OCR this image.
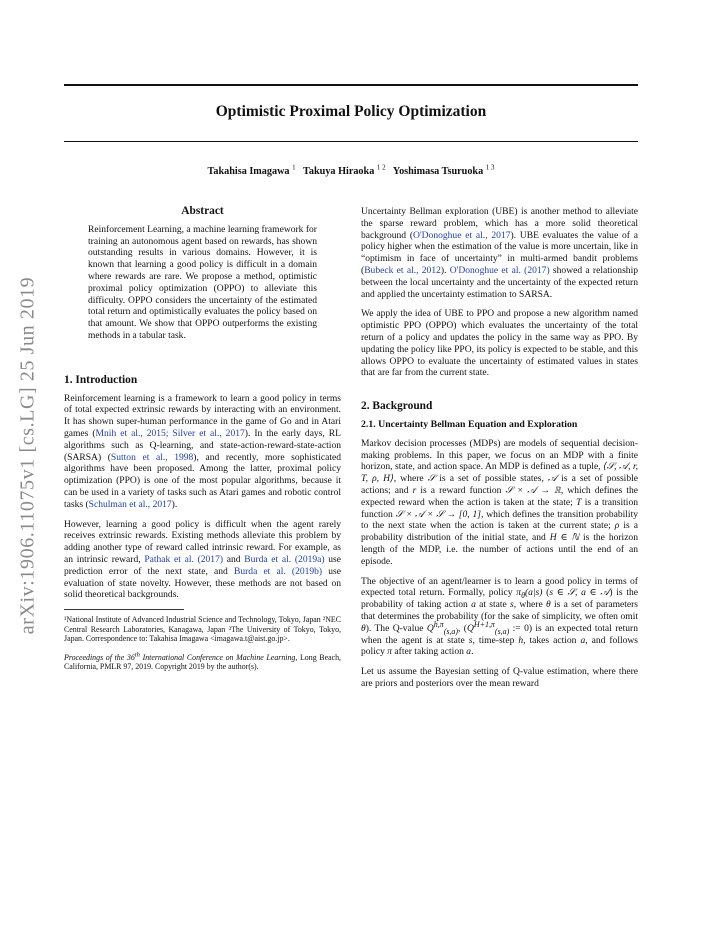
Optimistic Proximal Policy Optimization
Takahisa Imagawa $^1$ Takuya Hiraoka $^{1 2}$ Yoshimasa Tsuruoka $^{1 3}$
arXiv:1906.11075v1 [cs.LG] 25 Jun 2019
Abstract
Reinforcement Learning, a machine learning framework for training an autonomous agent based on rewards, has shown outstanding results in various domains. However, it is known that learning a good policy is difficult in a domain where rewards are rare. We propose a method, optimistic proximal policy optimization (OPPO) to alleviate this difficulty. OPPO considers the uncertainty of the estimated total return and optimistically evaluates the policy based on that amount. We show that OPPO outperforms the existing methods in a tabular task.
1. Introduction

Reinforcement learning is a framework to learn a good policy in terms of total expected extrinsic rewards by interacting with an environment. It has shown super-human performance in the game of Go and in Atari games (Mnih et al., 2015; Silver et al., 2017). In the early days, RL algorithms such as Q-learning, and state-action-reward-state-action (SARSA) (Sutton et al., 1998), and recently, more sophisticated algorithms have been proposed. Among the latter, proximal policy optimization (PPO) is one of the most popular algorithms, because it can be used in a variety of tasks such as Atari games and robotic control tasks (Schulman et al., 2017).

However, learning a good policy is difficult when the agent rarely receives extrinsic rewards. Existing methods alleviate this problem by adding another type of reward called intrinsic reward. For example, as an intrinsic reward, Pathak et al. (2017) and Burda et al. (2019a) use prediction error of the next state, and Burda et al. (2019b) use evaluation of state novelty. However, these methods are not based on solid theoretical backgrounds.

¹National Institute of Advanced Industrial Science and Technology, Tokyo, Japan ²NEC Central Research Laboratories, Kanagawa, Japan ³The University of Tokyo, Tokyo, Japan. Correspondence to: Takahisa Imagawa <imagawa.t@aist.go.jp>.

Proceedings of the 36th International Conference on Machine Learning, Long Beach, California, PMLR 97, 2019. Copyright 2019 by the author(s).

Uncertainty Bellman exploration (UBE) is another method to alleviate the sparse reward problem, which has a more solid theoretical background (O'Donoghue et al., 2017). UBE evaluates the value of a policy higher when the estimation of the value is more uncertain, like in “optimism in face of uncertainty” in multi-armed bandit problems (Bubeck et al., 2012). O'Donoghue et al. (2017) showed a relationship between the local uncertainty and the uncertainty of the expected return and applied the uncertainty estimation to SARSA.

We apply the idea of UBE to PPO and propose a new algorithm named optimistic PPO (OPPO) which evaluates the uncertainty of the total return of a policy and updates the policy in the same way as PPO. By updating the policy like PPO, its policy is expected to be stable, and this allows OPPO to evaluate the uncertainty of estimated values in states that are far from the current state.

2. Background
2.1. Uncertainty Bellman Equation and Exploration

Markov decision processes (MDPs) are models of sequential decision-making problems. In this paper, we focus on an MDP with a finite horizon, state, and action space. An MDP is defined as a tuple, ⟨𝒮, 𝒜, r, T, ρ, H⟩, where 𝒮 is a set of possible states, 𝒜 is a set of possible actions; and r is a reward function 𝒮 × 𝒜 → ℝ, which defines the expected reward when the action is taken at the state; T is a transition function 𝒮 × 𝒜 × 𝒮 → [0, 1], which defines the transition probability to the next state when the action is taken at the current state; ρ is a probability distribution of the initial state, and H ∈ ℕ is the horizon length of the MDP, i.e. the number of actions until the end of an episode.

The objective of an agent/learner is to learn a good policy in terms of expected total return. Formally, policy $\pi_\theta(a|s)$ (s ∈ 𝒮, a ∈ 𝒜) is the probability of taking action a at state s, where θ is a set of parameters that determines the probability (for the sake of simplicity, we often omit θ). The Q-value $Q^{h,\pi}_{(s,a)}$, ($Q^{H+1,\pi}_{(s,a)}$ := 0) is an expected total return when the agent is at state s, time-step h, takes action a, and follows policy π after taking action a.

Let us assume the Bayesian setting of Q-value estimation, where there are priors and posteriors over the mean reward
